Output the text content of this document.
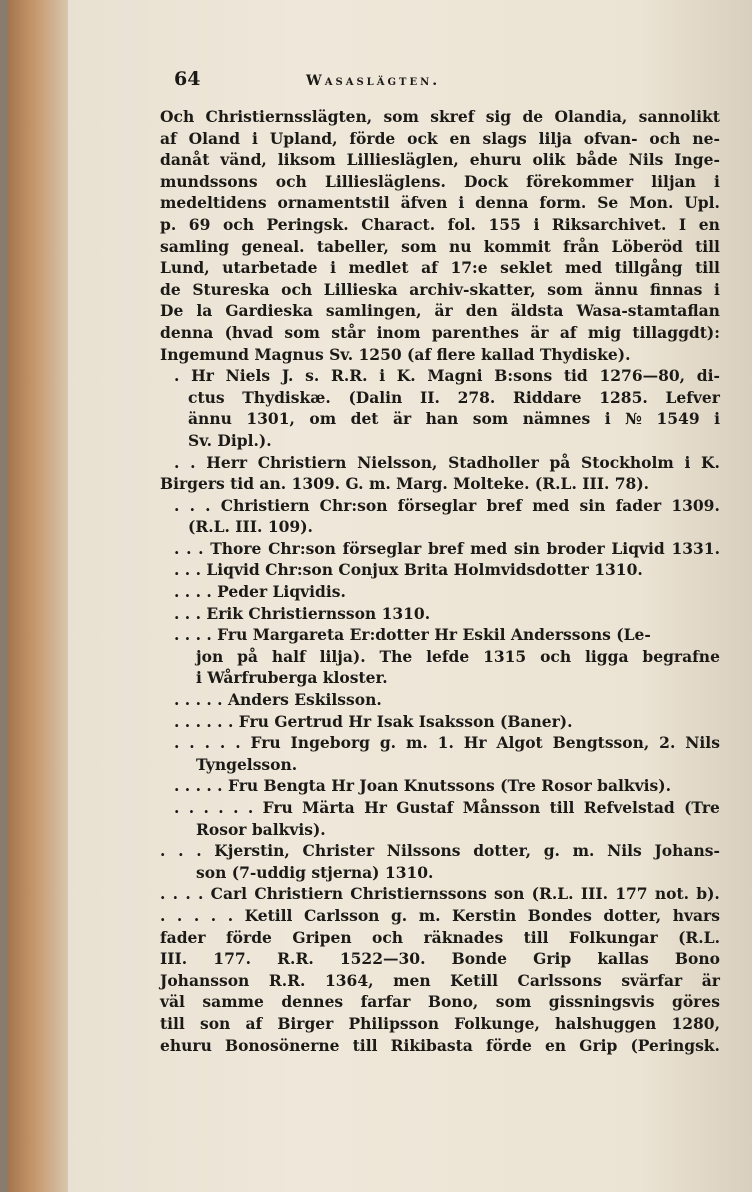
64	Wasaslägten.
Och Christiernsslägten, som skref sig de Olandia, sannolikt
af Oland i Upland, förde ock en slags lilja ofvan- och ne-
danåt vänd, liksom Lilliesläglen, ehuru olik både Nils Inge-
mundssons och Lilliesläglens. Dock förekommer liljan i
medeltidens ornamentstil äfven i denna form. Se Mon. Upl.
p. 69 och Peringsk. Charact. fol. 155 i Riksarchivet. I en
samling geneal. tabeller, som nu kommit från Löberöd till
Lund, utarbetade i medlet af 17:e seklet med tillgång till
de Stureska och Lillieska archiv-skatter, som ännu finnas i
De la Gardieska samlingen, är den äldsta Wasa-stamtaflan
denna (hvad som står inom parenthes är af mig tillaggdt):
Ingemund Magnus Sv. 1250 (af flere kallad Thydiske).
. Hr Niels J. s. R.R. i K. Magni B:sons tid 1276—80, di-
ctus Thydiskæ. (Dalin II. 278. Riddare 1285. Lefver
ännu 1301, om det är han som nämnes i № 1549 i
Sv. Dipl.).
. . Herr Christiern Nielsson, Stadholler på Stockholm i K.
Birgers tid an. 1309. G. m. Marg. Molteke. (R.L. III. 78).
. . . Christiern Chr:son förseglar bref med sin fader 1309.
(R.L. III. 109).
. . . Thore Chr:son förseglar bref med sin broder Liqvid 1331.
. . . Liqvid Chr:son Conjux Brita Holmvidsdotter 1310.
. . . . Peder Liqvidis.
. . . Erik Christiernsson 1310.
. . . . Fru Margareta Er:dotter Hr Eskil Anderssons (Le-
jon på half lilja). The lefde 1315 och ligga begrafne
i Wårfruberga kloster.
. . . . . Anders Eskilsson.
. . . . . . Fru Gertrud Hr Isak Isaksson (Baner).
. . . . . Fru Ingeborg g. m. 1. Hr Algot Bengtsson, 2. Nils
Tyngelsson.
. . . . . Fru Bengta Hr Joan Knutssons (Tre Rosor balkvis).
. . . . . . Fru Märta Hr Gustaf Månsson till Refvelstad (Tre
Rosor balkvis).
. . . Kjerstin, Christer Nilssons dotter, g. m. Nils Johans-
son (7-uddig stjerna) 1310.
. . . . Carl Christiern Christiernssons son (R.L. III. 177 not. b).
. . . . . Ketill Carlsson g. m. Kerstin Bondes dotter, hvars
fader förde Gripen och räknades till Folkungar (R.L.
III. 177. R.R. 1522—30. Bonde Grip kallas Bono
Johansson R.R. 1364, men Ketill Carlssons svärfar är
väl samme dennes farfar Bono, som gissningsvis göres
till son af Birger Philipsson Folkunge, halshuggen 1280,
ehuru Bonosönerne till Rikibasta förde en Grip (Peringsk.
